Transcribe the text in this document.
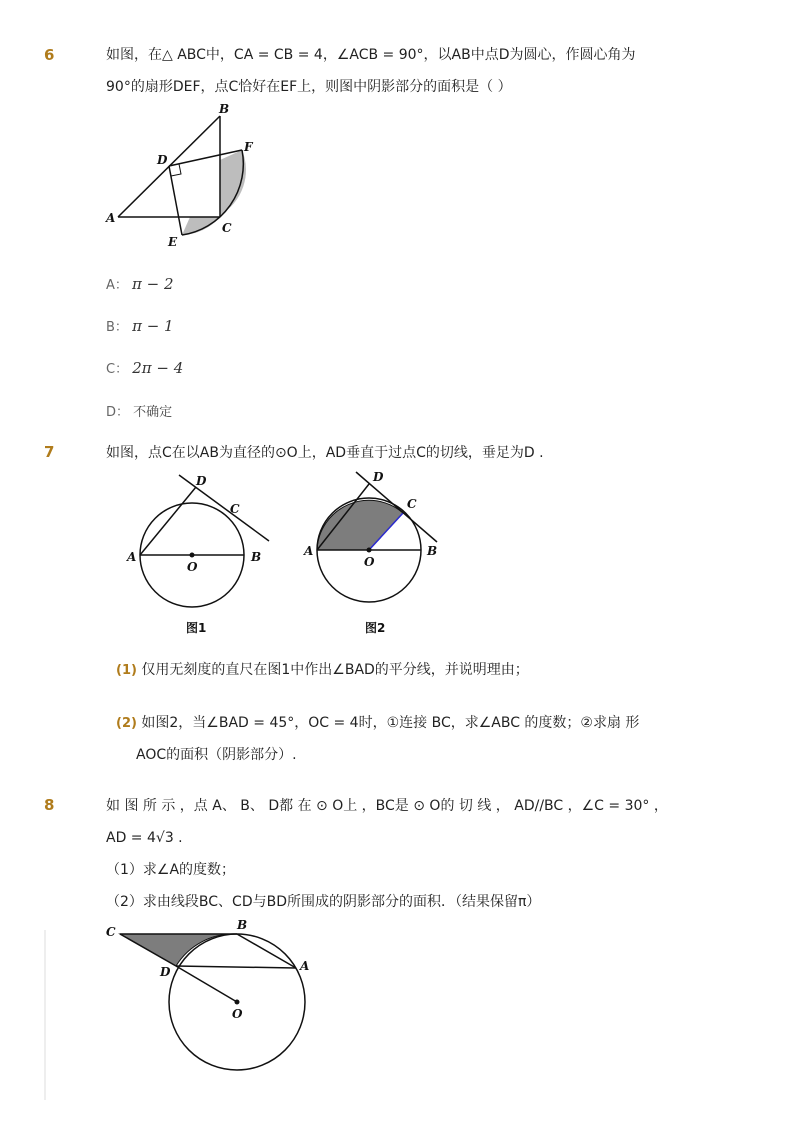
6	如图，在△ ABC中，CA = CB = 4，∠ACB = 90°，以AB中点D为圆心，作圆心角为
90°的扇形DEF，点C恰好在EF上，则图中阴影部分的面积是（ ）
B
F
D
A
C
E
A： π − 2
B： π − 1
C： 2π − 4
D： 不确定
7	如图，点C在以AB为直径的⊙O上，AD垂直于过点C的切线，垂足为D .
D
C
A	B
O
图1
D
C
A	B
O
图2
(1) 仅用无刻度的直尺在图1中作出∠BAD的平分线，并说明理由；
(2) 如图2，当∠BAD = 45°，OC = 4时，①连接 BC，求∠ABC 的度数；②求扇 形
AOC的面积（阴影部分）.
8	如 图 所 示 ，点 A、 B、 D都 在 ⊙ O上 ，BC是 ⊙ O的 切 线 ， AD//BC ，∠C = 30° ，
AD = 4√3 .
（1）求∠A的度数；
（2）求由线段BC、CD与BD所围成的阴影部分的面积．（结果保留π）
C	B
D	A
O
